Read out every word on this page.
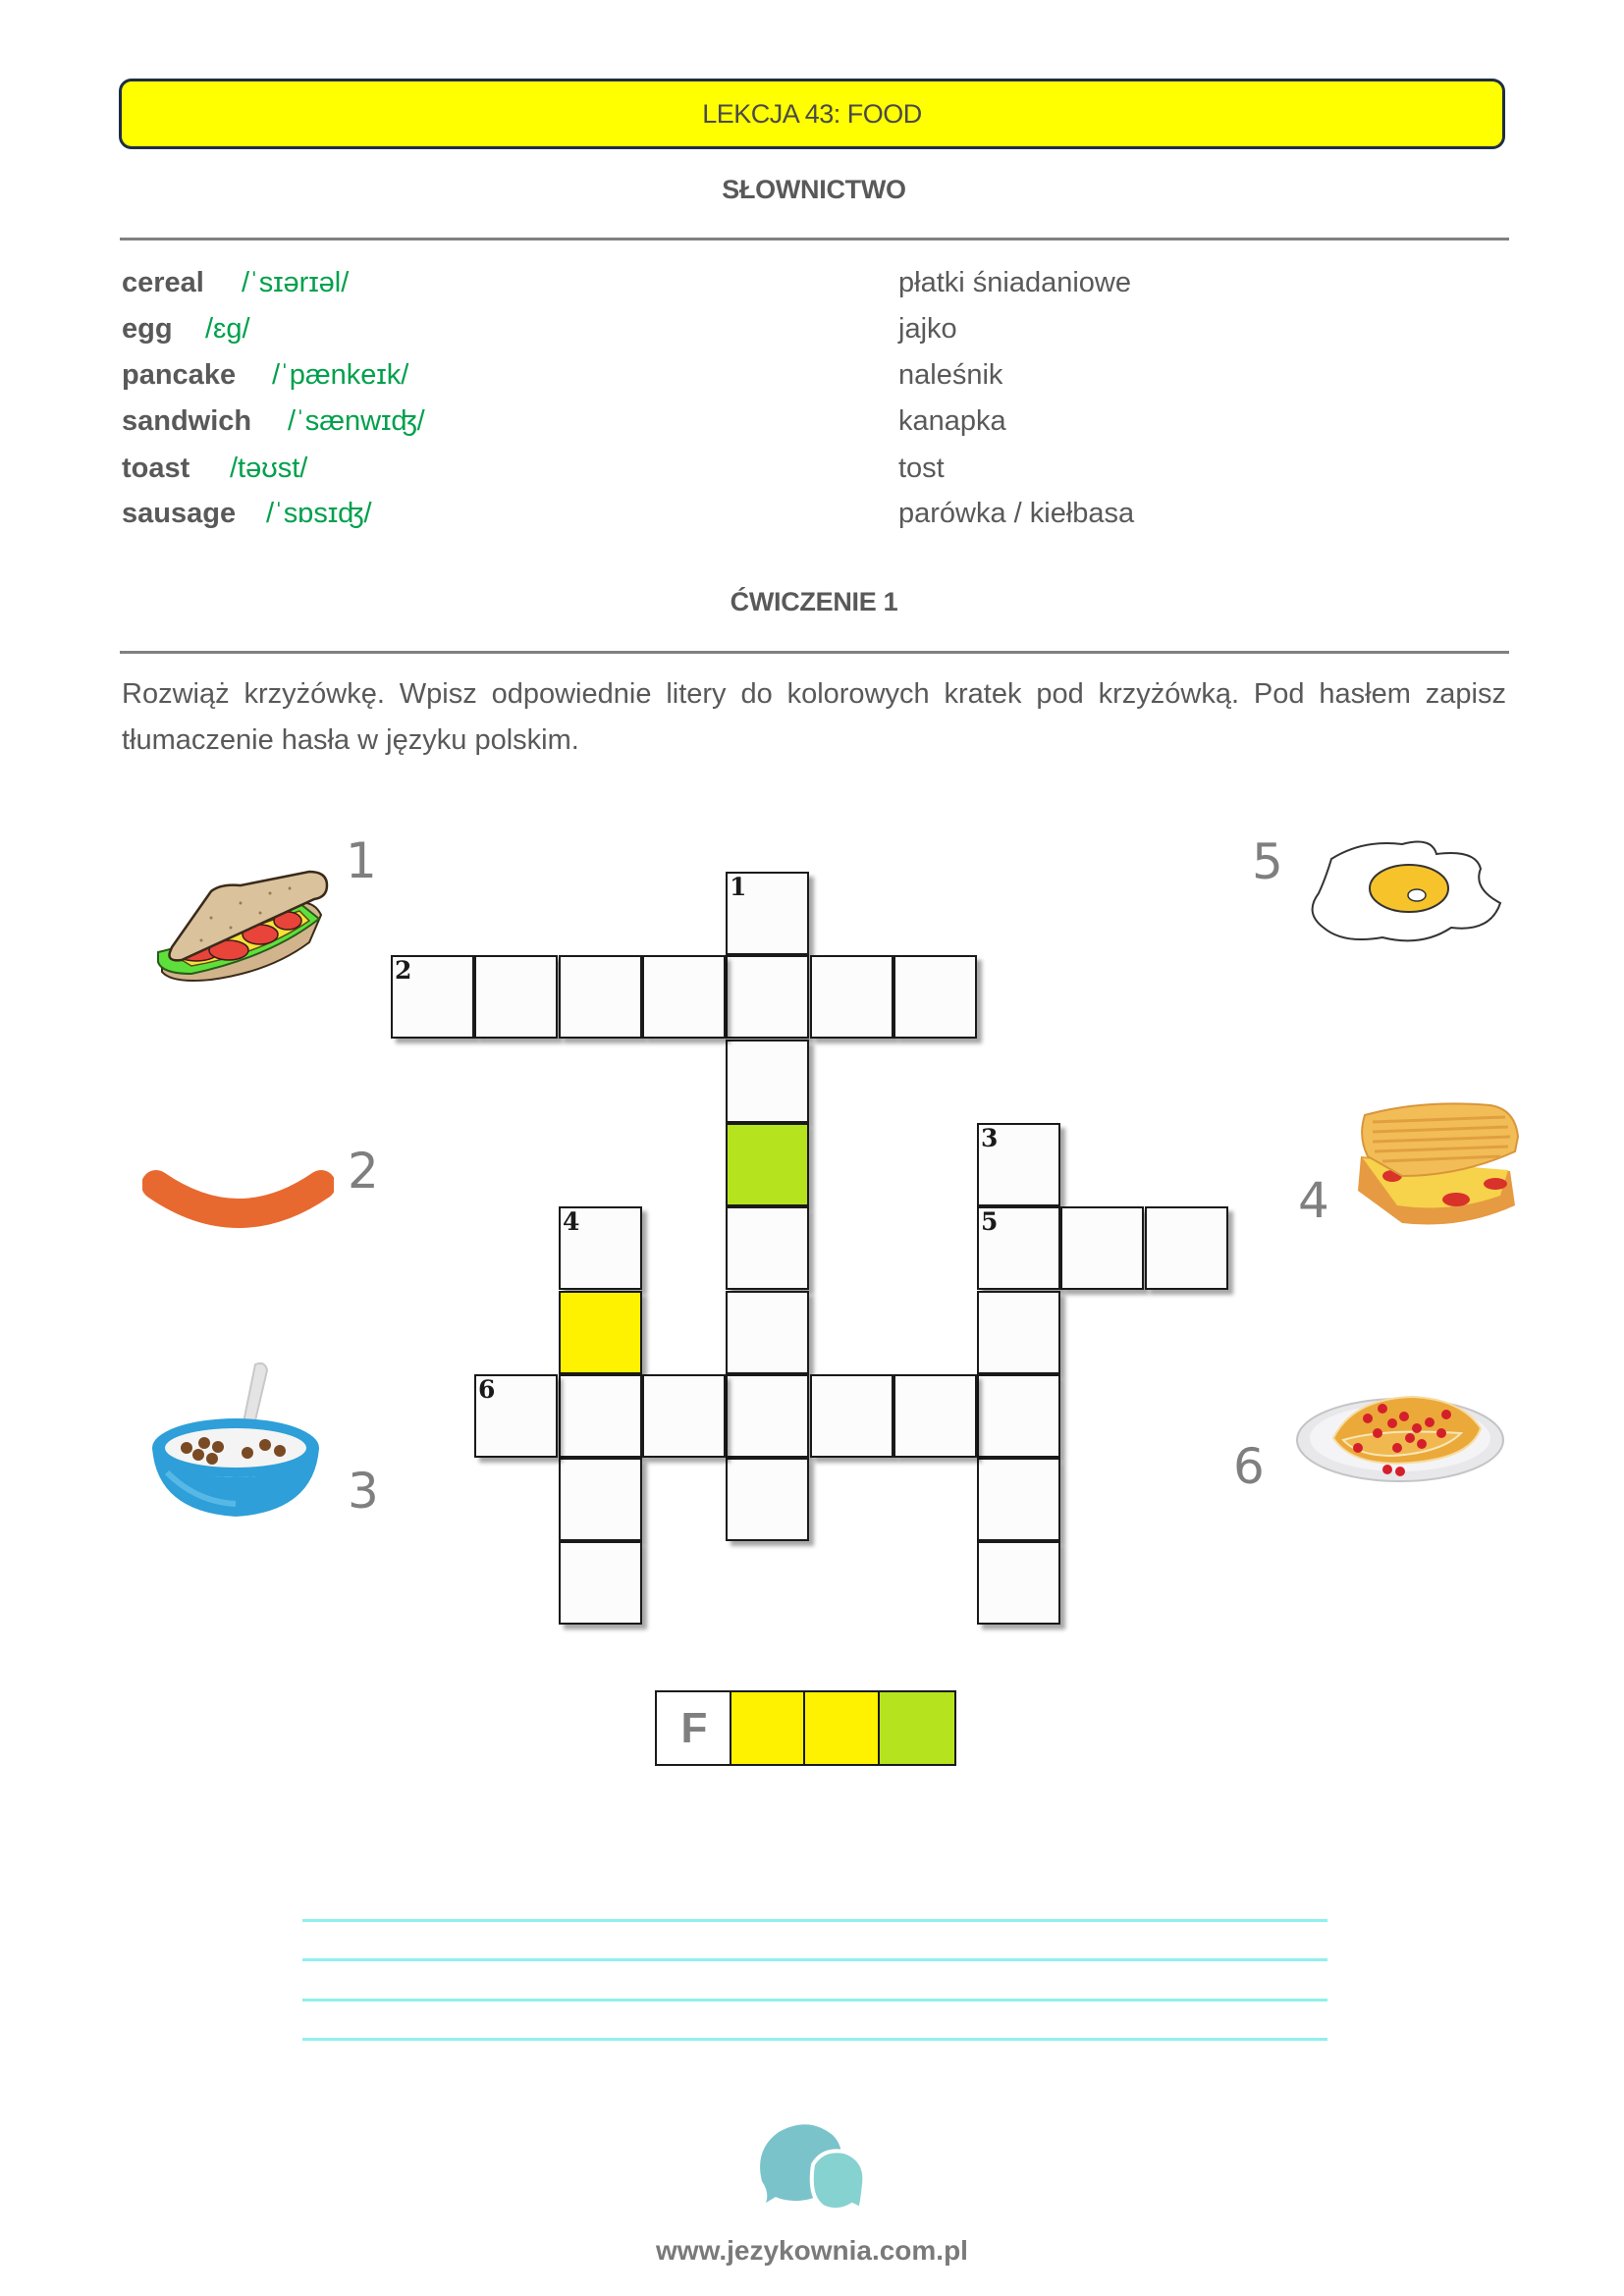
LEKCJA 43: FOOD
SŁOWNICTWO
cereal /ˈsɪərɪəl/	płatki śniadaniowe
egg /ɛg/	jajko
pancake /ˈpænkeɪk/	naleśnik
sandwich /ˈsænwɪʤ/	kanapka
toast /təʊst/	tost
sausage /ˈsɒsɪʤ/	parówka / kiełbasa
ĆWICZENIE 1
Rozwiąż krzyżówkę. Wpisz odpowiednie litery do kolorowych kratek pod krzyżówką. Pod hasłem zapisz tłumaczenie hasła w języku polskim.
1
2
3
4
5
6
1
2
3
5
4
6
F
www.jezykownia.com.pl
